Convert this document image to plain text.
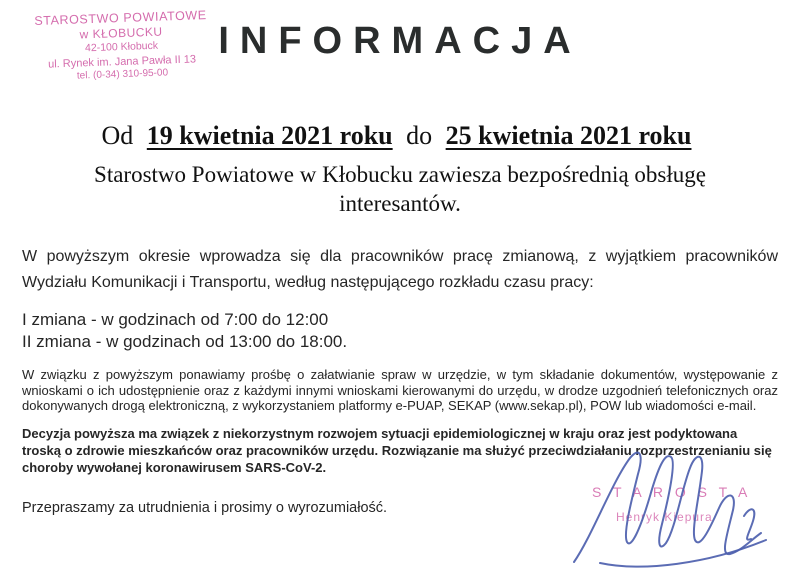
STAROSTWO POWIATOWE
w KŁOBUCKU
42-100 Kłobuck
ul. Rynek im. Jana Pawła II 13
tel. (0-34) 310-95-00
INFORMACJA
Od 19 kwietnia 2021 roku do 25 kwietnia 2021 roku
Starostwo Powiatowe w Kłobucku zawiesza bezpośrednią obsługę interesantów.

W powyższym okresie wprowadza się dla pracowników pracę zmianową, z wyjątkiem pracowników Wydziału Komunikacji i Transportu, według następującego rozkładu czasu pracy:

I zmiana - w godzinach od 7:00 do 12:00
II zmiana - w godzinach od 13:00 do 18:00.

W związku z powyższym ponawiamy prośbę o załatwianie spraw w urzędzie, w tym składanie dokumentów, występowanie z wnioskami o ich udostępnienie oraz z każdymi innymi wnioskami kierowanymi do urzędu, w drodze uzgodnień telefonicznych oraz dokonywanych drogą elektroniczną, z wykorzystaniem platformy e-PUAP, SEKAP (www.sekap.pl), POW lub wiadomości e-mail.

Decyzja powyższa ma związek z niekorzystnym rozwojem sytuacji epidemiologicznej w kraju oraz jest podyktowana troską o zdrowie mieszkańców oraz pracowników urzędu. Rozwiązanie ma służyć przeciwdziałaniu rozprzestrzenianiu się choroby wywołanej koronawirusem SARS-CoV-2.

Przepraszamy za utrudnienia i prosimy o wyrozumiałość.

S T A R O S T A
Henryk Kiepura
